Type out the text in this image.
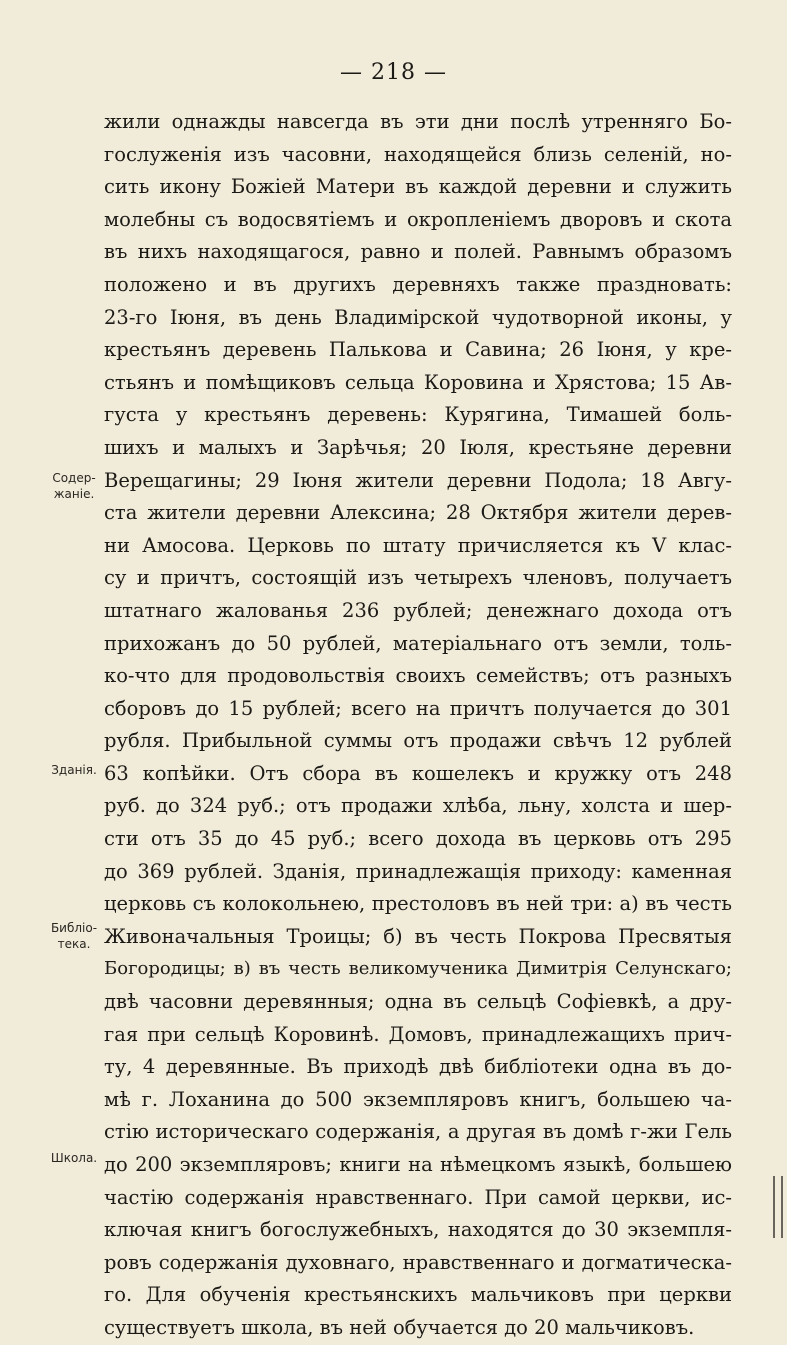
— 218 —
жили однажды навсегда въ эти дни послѣ утренняго Бо-
гослуженія изъ часовни, находящейся близь селеній, но-
сить икону Божіей Матери въ каждой деревни и служить
молебны съ водосвятіемъ и окропленіемъ дворовъ и скота
въ нихъ находящагося, равно и полей. Равнымъ образомъ
положено и въ другихъ деревняхъ также праздновать:
23-го Іюня, въ день Владимірской чудотворной иконы, у
крестьянъ деревень Палькова и Савина; 26 Іюня, у кре-
стьянъ и помѣщиковъ сельца Коровина и Хрястова; 15 Ав-
густа у крестьянъ деревень: Курягина, Тимашей боль-
шихъ и малыхъ и Зарѣчья; 20 Іюля, крестьяне деревни
Верещагины; 29 Іюня жители деревни Подола; 18 Авгу-
ста жители деревни Алексина; 28 Октября жители дерев-
ни Амосова. Церковь по штату причисляется къ V клас-
су и причтъ, состоящій изъ четырехъ членовъ, получаетъ
штатнаго жалованья 236 рублей; денежнаго дохода отъ
прихожанъ до 50 рублей, матеріальнаго отъ земли, толь-
ко-что для продовольствія своихъ семействъ; отъ разныхъ
сборовъ до 15 рублей; всего на причтъ получается до 301
рубля. Прибыльной суммы отъ продажи свѣчъ 12 рублей
63 копѣйки. Отъ сбора въ кошелекъ и кружку отъ 248
руб. до 324 руб.; отъ продажи хлѣба, льну, холста и шер-
сти отъ 35 до 45 руб.; всего дохода въ церковь отъ 295
до 369 рублей. Зданія, принадлежащія приходу: каменная
церковь съ колокольнею, престоловъ въ ней три: а) въ честь
Живоначальныя Троицы; б) въ честь Покрова Пресвятыя
Богородицы; в) въ честь великомученика Димитрія Селунскаго;
двѣ часовни деревянныя; одна въ сельцѣ Софіевкѣ, а дру-
гая при сельцѣ Коровинѣ. Домовъ, принадлежащихъ прич-
ту, 4 деревянные. Въ приходѣ двѣ библіотеки одна въ до-
мѣ г. Лоханина до 500 экземпляровъ книгъ, большею ча-
стію историческаго содержанія, а другая въ домѣ г-жи Гель
до 200 экземпляровъ; книги на нѣмецкомъ языкѣ, большею
частію содержанія нравственнаго. При самой церкви, ис-
ключая книгъ богослужебныхъ, находятся до 30 экземпля-
ровъ содержанія духовнаго, нравственнаго и догматическа-
го. Для обученія крестьянскихъ мальчиковъ при церкви
существуетъ школа, въ ней обучается до 20 мальчиковъ.
Содер-жаніе.
Зданія.
Библіо-тека.
Школа.
